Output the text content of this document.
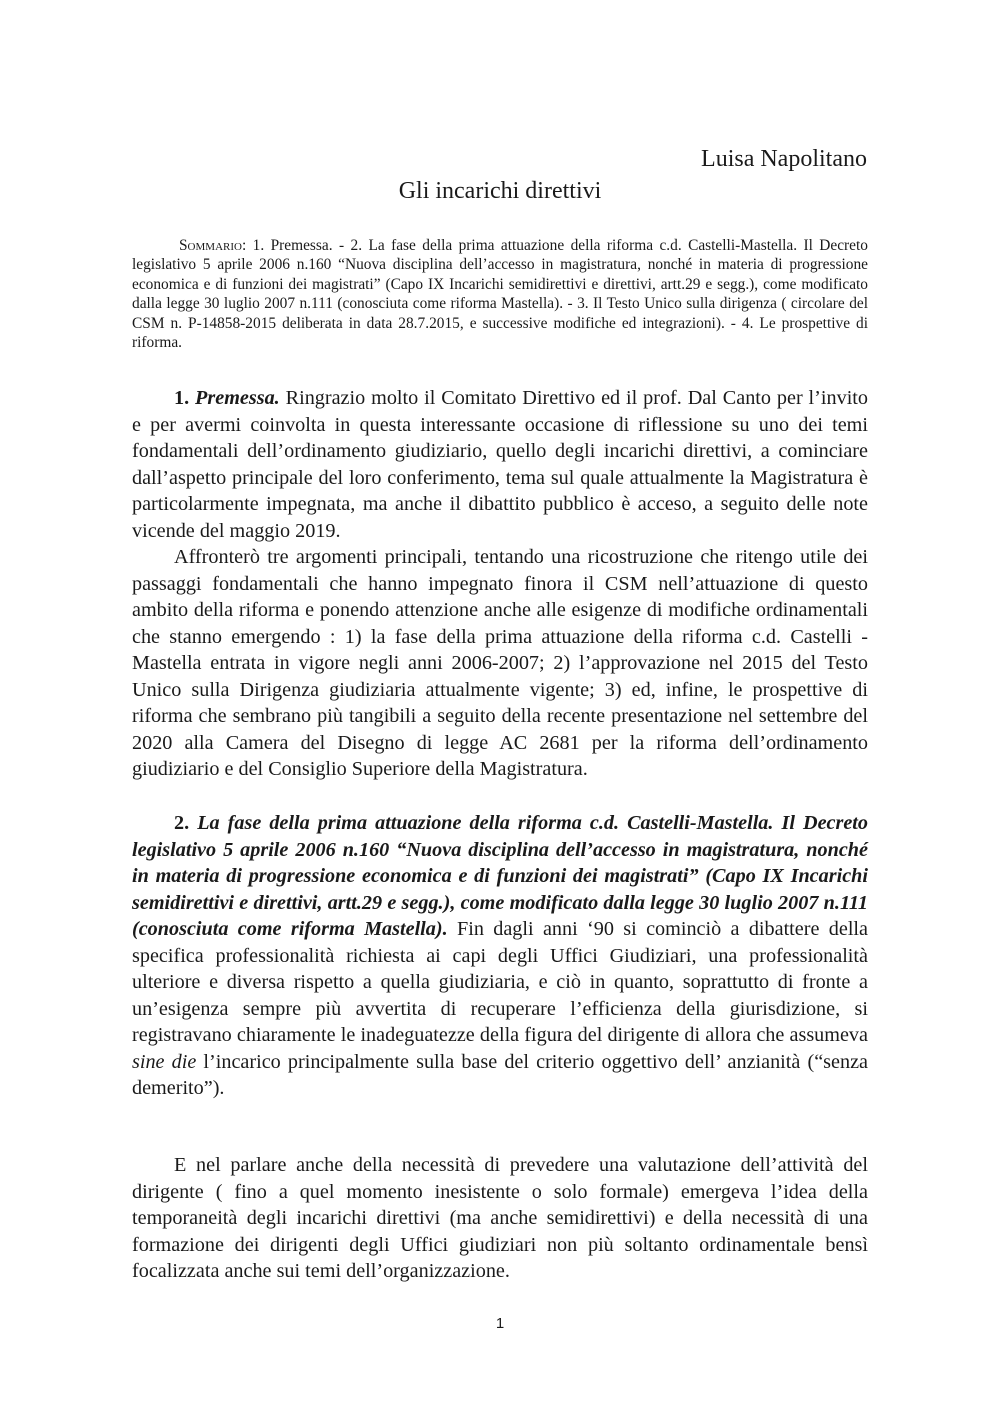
Luisa Napolitano
Gli incarichi direttivi

Sommario: 1. Premessa. - 2. La fase della prima attuazione della riforma c.d. Castelli-Mastella. Il Decreto legislativo 5 aprile 2006 n.160 “Nuova disciplina dell’accesso in magistratura, nonché in materia di progressione economica e di funzioni dei magistrati” (Capo IX Incarichi semidirettivi e direttivi, artt.29 e segg.), come modificato dalla legge 30 luglio 2007 n.111 (conosciuta come riforma Mastella). - 3. Il Testo Unico sulla dirigenza ( circolare del CSM n. P-14858-2015 deliberata in data 28.7.2015, e successive modifiche ed integrazioni). - 4. Le prospettive di riforma.

1. Premessa. Ringrazio molto il Comitato Direttivo ed il prof. Dal Canto per l’invito e per avermi coinvolta in questa interessante occasione di riflessione su uno dei temi fondamentali dell’ordinamento giudiziario, quello degli incarichi direttivi, a cominciare dall’aspetto principale del loro conferimento, tema sul quale attualmente la Magistratura è particolarmente impegnata, ma anche il dibattito pubblico è acceso, a seguito delle note vicende del maggio 2019.

Affronterò tre argomenti principali, tentando una ricostruzione che ritengo utile dei passaggi fondamentali che hanno impegnato finora il CSM nell’attuazione di questo ambito della riforma e ponendo attenzione anche alle esigenze di modifiche ordinamentali che stanno emergendo : 1) la fase della prima attuazione della riforma c.d. Castelli -Mastella entrata in vigore negli anni 2006-2007; 2) l’approvazione nel 2015 del Testo Unico sulla Dirigenza giudiziaria attualmente vigente; 3) ed, infine, le prospettive di riforma che sembrano più tangibili a seguito della recente presentazione nel settembre del 2020 alla Camera del Disegno di legge AC 2681 per la riforma dell’ordinamento giudiziario e del Consiglio Superiore della Magistratura.

2. La fase della prima attuazione della riforma c.d. Castelli-Mastella. Il Decreto legislativo 5 aprile 2006 n.160 “Nuova disciplina dell’accesso in magistratura, nonché in materia di progressione economica e di funzioni dei magistrati” (Capo IX Incarichi semidirettivi e direttivi, artt.29 e segg.), come modificato dalla legge 30 luglio 2007 n.111 (conosciuta come riforma Mastella). Fin dagli anni ‘90 si cominciò a dibattere della specifica professionalità richiesta ai capi degli Uffici Giudiziari, una professionalità ulteriore e diversa rispetto a quella giudiziaria, e ciò in quanto, soprattutto di fronte a un’esigenza sempre più avvertita di recuperare l’efficienza della giurisdizione, si registravano chiaramente le inadeguatezze della figura del dirigente di allora che assumeva sine die l’incarico principalmente sulla base del criterio oggettivo dell’ anzianità (“senza demerito”).

E nel parlare anche della necessità di prevedere una valutazione dell’attività del dirigente ( fino a quel momento inesistente o solo formale) emergeva l’idea della temporaneità degli incarichi direttivi (ma anche semidirettivi) e della necessità di una formazione dei dirigenti degli Uffici giudiziari non più soltanto ordinamentale bensì focalizzata anche sui temi dell’organizzazione.

1
